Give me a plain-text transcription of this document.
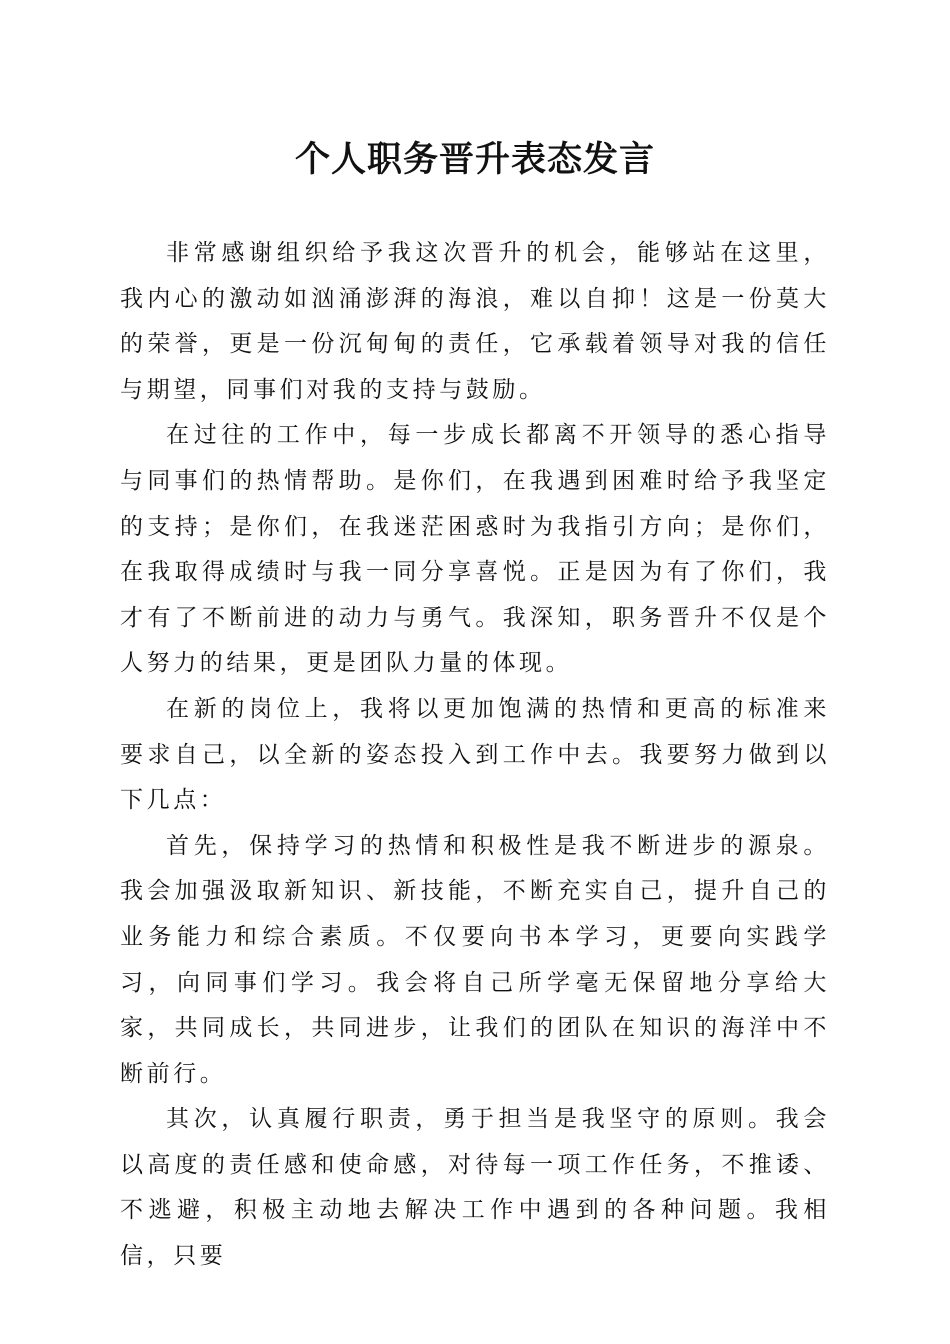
个人职务晋升表态发言

非常感谢组织给予我这次晋升的机会，能够站在这里，我内心的激动如汹涌澎湃的海浪，难以自抑！这是一份莫大的荣誉，更是一份沉甸甸的责任，它承载着领导对我的信任与期望，同事们对我的支持与鼓励。

在过往的工作中，每一步成长都离不开领导的悉心指导与同事们的热情帮助。是你们，在我遇到困难时给予我坚定的支持；是你们，在我迷茫困惑时为我指引方向；是你们，在我取得成绩时与我一同分享喜悦。正是因为有了你们，我才有了不断前进的动力与勇气。我深知，职务晋升不仅是个人努力的结果，更是团队力量的体现。

在新的岗位上，我将以更加饱满的热情和更高的标准来要求自己，以全新的姿态投入到工作中去。我要努力做到以下几点：

首先，保持学习的热情和积极性是我不断进步的源泉。我会加强汲取新知识、新技能，不断充实自己，提升自己的业务能力和综合素质。不仅要向书本学习，更要向实践学习，向同事们学习。我会将自己所学毫无保留地分享给大家，共同成长，共同进步，让我们的团队在知识的海洋中不断前行。

其次，认真履行职责，勇于担当是我坚守的原则。我会以高度的责任感和使命感，对待每一项工作任务，不推诿、不逃避，积极主动地去解决工作中遇到的各种问题。我相信，只要
